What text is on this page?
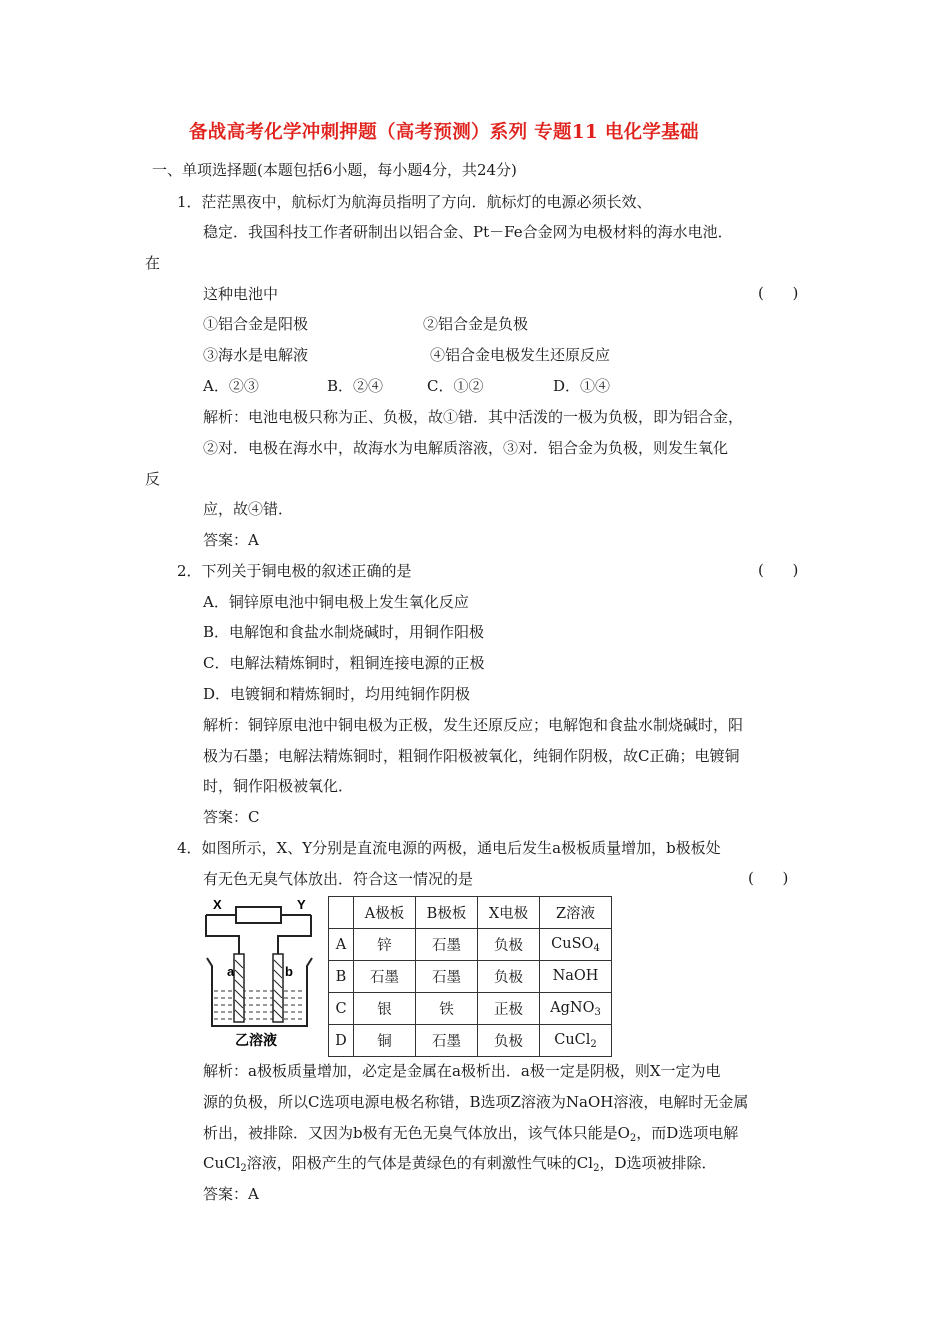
备战高考化学冲刺押题（高考预测）系列 专题11 电化学基础
一、单项选择题(本题包括6小题，每小题4分，共24分)
1．茫茫黑夜中，航标灯为航海员指明了方向．航标灯的电源必须长效、
稳定．我国科技工作者研制出以铝合金、Pt－Fe合金网为电极材料的海水电池．
在
这种电池中	(      )
①铝合金是阳极	②铝合金是负极
③海水是电解液	④铝合金电极发生还原反应
A．②③	B．②④	C．①②	D．①④
解析：电池电极只称为正、负极，故①错．其中活泼的一极为负极，即为铝合金，
②对．电极在海水中，故海水为电解质溶液，③对．铝合金为负极，则发生氧化
反
应，故④错．
答案：A
2．下列关于铜电极的叙述正确的是	(      )
A．铜锌原电池中铜电极上发生氧化反应
B．电解饱和食盐水制烧碱时，用铜作阳极
C．电解法精炼铜时，粗铜连接电源的正极
D．电镀铜和精炼铜时，均用纯铜作阴极
解析：铜锌原电池中铜电极为正极，发生还原反应；电解饱和食盐水制烧碱时，阳
极为石墨；电解法精炼铜时，粗铜作阳极被氧化，纯铜作阴极，故C正确；电镀铜
时，铜作阳极被氧化．
答案：C
4．如图所示，X、Y分别是直流电源的两极，通电后发生a极板质量增加，b极板处
有无色无臭气体放出．符合这一情况的是	(      )
X	Y
a	b
乙溶液
	A极板	B极板	X电极	Z溶液
A	锌	石墨	负极	CuSO$_4$
B	石墨	石墨	负极	NaOH
C	银	铁	正极	AgNO$_3$
D	铜	石墨	负极	CuCl$_2$
解析：a极板质量增加，必定是金属在a极析出．a极一定是阴极，则X一定为电
源的负极，所以C选项电源电极名称错，B选项Z溶液为NaOH溶液，电解时无金属
析出，被排除．又因为b极有无色无臭气体放出，该气体只能是$O_2$，而D选项电解
CuCl$_2$溶液，阳极产生的气体是黄绿色的有刺激性气味的$Cl_2$，D选项被排除．
答案：A
